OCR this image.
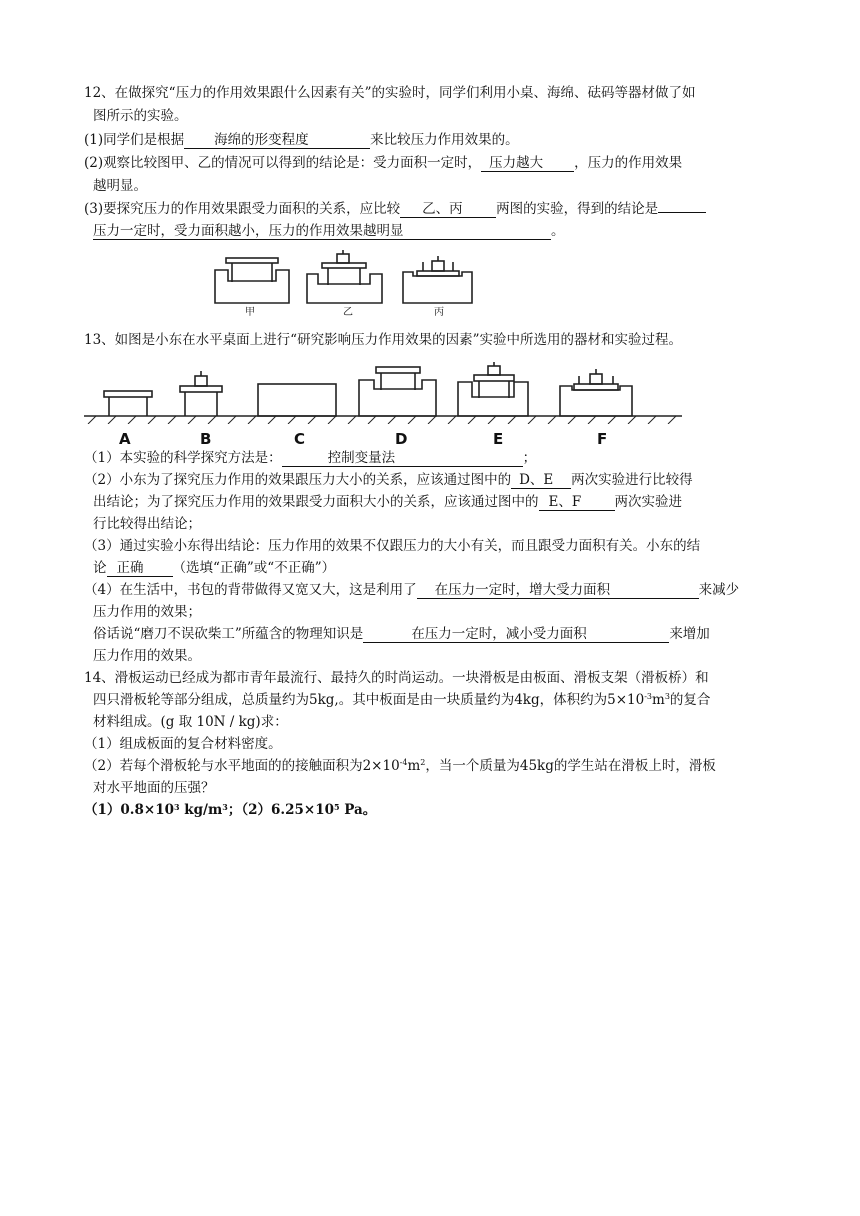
12、在做探究“压力的作用效果跟什么因素有关”的实验时，同学们利用小桌、海绵、砝码等器材做了如
图所示的实验。
(1)同学们是根据 海绵的形变程度	来比较压力作用效果的。
(2)观察比较图甲、乙的情况可以得到的结论是：受力面积一定时， 压力越大 ，压力的作用效果
越明显。
(3)要探究压力的作用效果跟受力面积的关系，应比较 乙、丙 两图的实验，得到的结论是
压力一定时，受力面积越小，压力的作用效果越明显	。
甲	乙	丙
13、如图是小东在水平桌面上进行“研究影响压力作用效果的因素”实验中所选用的器材和实验过程。
A	B	C	D	E	F
（1）本实验的科学探究方法是：	控制变量法	；
（2）小东为了探究压力作用的效果跟压力大小的关系，应该通过图中的 D、E 两次实验进行比较得
出结论；为了探究压力作用的效果跟受力面积大小的关系，应该通过图中的 E、F 两次实验进
行比较得出结论；
（3）通过实验小东得出结论：压力作用的效果不仅跟压力的大小有关，而且跟受力面积有关。小东的结
论 正确 （选填“正确”或“不正确”）
（4）在生活中，书包的背带做得又宽又大，这是利用了 在压力一定时，增大受力面积	来减少
压力作用的效果；
俗话说“磨刀不误砍柴工”所蕴含的物理知识是	在压力一定时，减小受力面积	来增加
压力作用的效果。
14、滑板运动已经成为都市青年最流行、最持久的时尚运动。一块滑板是由板面、滑板支架（滑板桥）和
四只滑板轮等部分组成，总质量约为5kg,。其中板面是由一块质量约为4kg，体积约为$5\times 10^{-3}m^3$的复合
材料组成。(g 取 10N / kg)求：
（1）组成板面的复合材料密度。
（2）若每个滑板轮与水平地面的的接触面积为$2\times 10^{-4}m^2$，当一个质量为45kg的学生站在滑板上时，滑板
对水平地面的压强？
$(1)0.8\times 10^3$ $kg/m^3$；$(2)6.25\times 10^5$ Pa。
